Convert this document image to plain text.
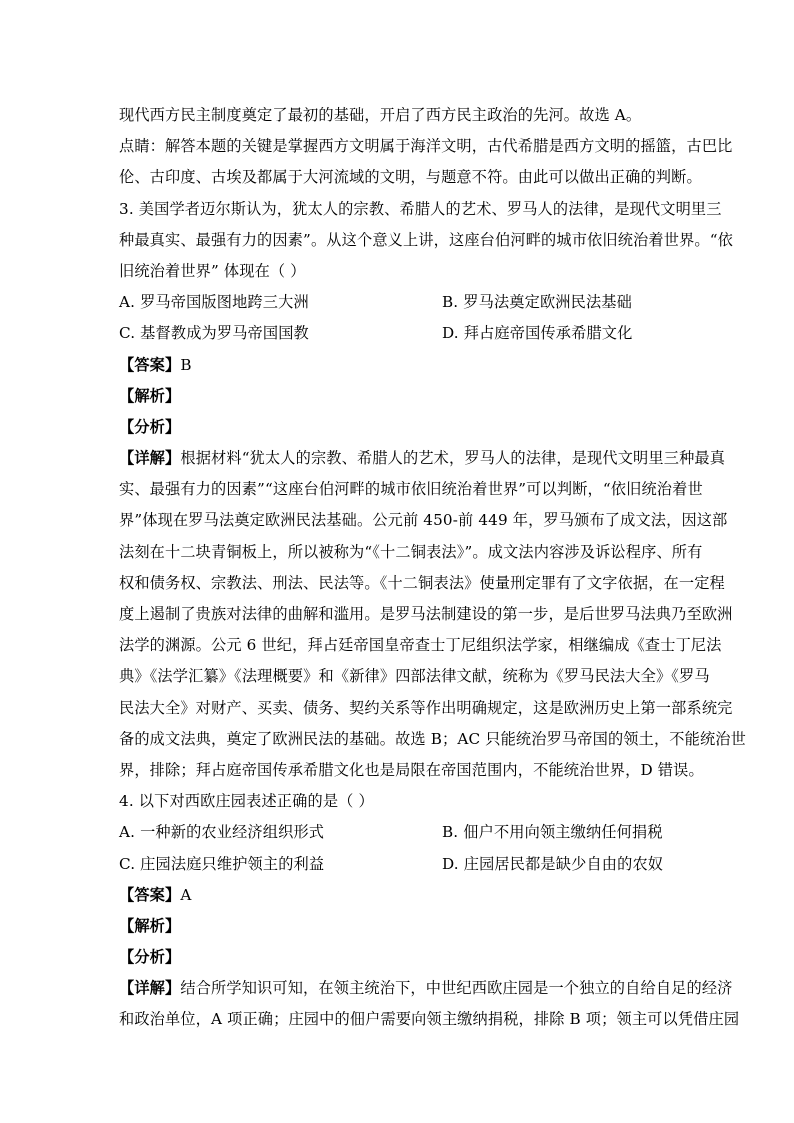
现代西方民主制度奠定了最初的基础，开启了西方民主政治的先河。故选 A。
点睛：解答本题的关键是掌握西方文明属于海洋文明，古代希腊是西方文明的摇篮，古巴比
伦、古印度、古埃及都属于大河流域的文明，与题意不符。由此可以做出正确的判断。
3. 美国学者迈尔斯认为，犹太人的宗教、希腊人的艺术、罗马人的法律，是现代文明里三
种最真实、最强有力的因素”。从这个意义上讲，这座台伯河畔的城市依旧统治着世界。“依
旧统治着世界” 体现在（ ）
A. 罗马帝国版图地跨三大洲	B. 罗马法奠定欧洲民法基础
C. 基督教成为罗马帝国国教	D. 拜占庭帝国传承希腊文化
【答案】B
【解析】
【分析】
【详解】根据材料“犹太人的宗教、希腊人的艺术，罗马人的法律，是现代文明里三种最真
实、最强有力的因素”“这座台伯河畔的城市依旧统治着世界”可以判断，“依旧统治着世
界”体现在罗马法奠定欧洲民法基础。公元前 450-前 449 年，罗马颁布了成文法，因这部
法刻在十二块青铜板上，所以被称为“《十二铜表法》”。成文法内容涉及诉讼程序、所有
权和债务权、宗教法、刑法、民法等。《十二铜表法》使量刑定罪有了文字依据，在一定程
度上遏制了贵族对法律的曲解和滥用。是罗马法制建设的第一步，是后世罗马法典乃至欧洲
法学的渊源。公元 6 世纪，拜占廷帝国皇帝查士丁尼组织法学家，相继编成《查士丁尼法
典》《法学汇纂》《法理概要》和《新律》四部法律文献，统称为《罗马民法大全》《罗马
民法大全》对财产、买卖、债务、契约关系等作出明确规定，这是欧洲历史上第一部系统完
备的成文法典，奠定了欧洲民法的基础。故选 B；AC 只能统治罗马帝国的领土，不能统治世
界，排除；拜占庭帝国传承希腊文化也是局限在帝国范围内，不能统治世界，D 错误。
4. 以下对西欧庄园表述正确的是（ ）
A. 一种新的农业经济组织形式	B. 佃户不用向领主缴纳任何捐税
C. 庄园法庭只维护领主的利益	D. 庄园居民都是缺少自由的农奴
【答案】A
【解析】
【分析】
【详解】结合所学知识可知，在领主统治下，中世纪西欧庄园是一个独立的自给自足的经济
和政治单位，A 项正确；庄园中的佃户需要向领主缴纳捐税，排除 B 项；领主可以凭借庄园
